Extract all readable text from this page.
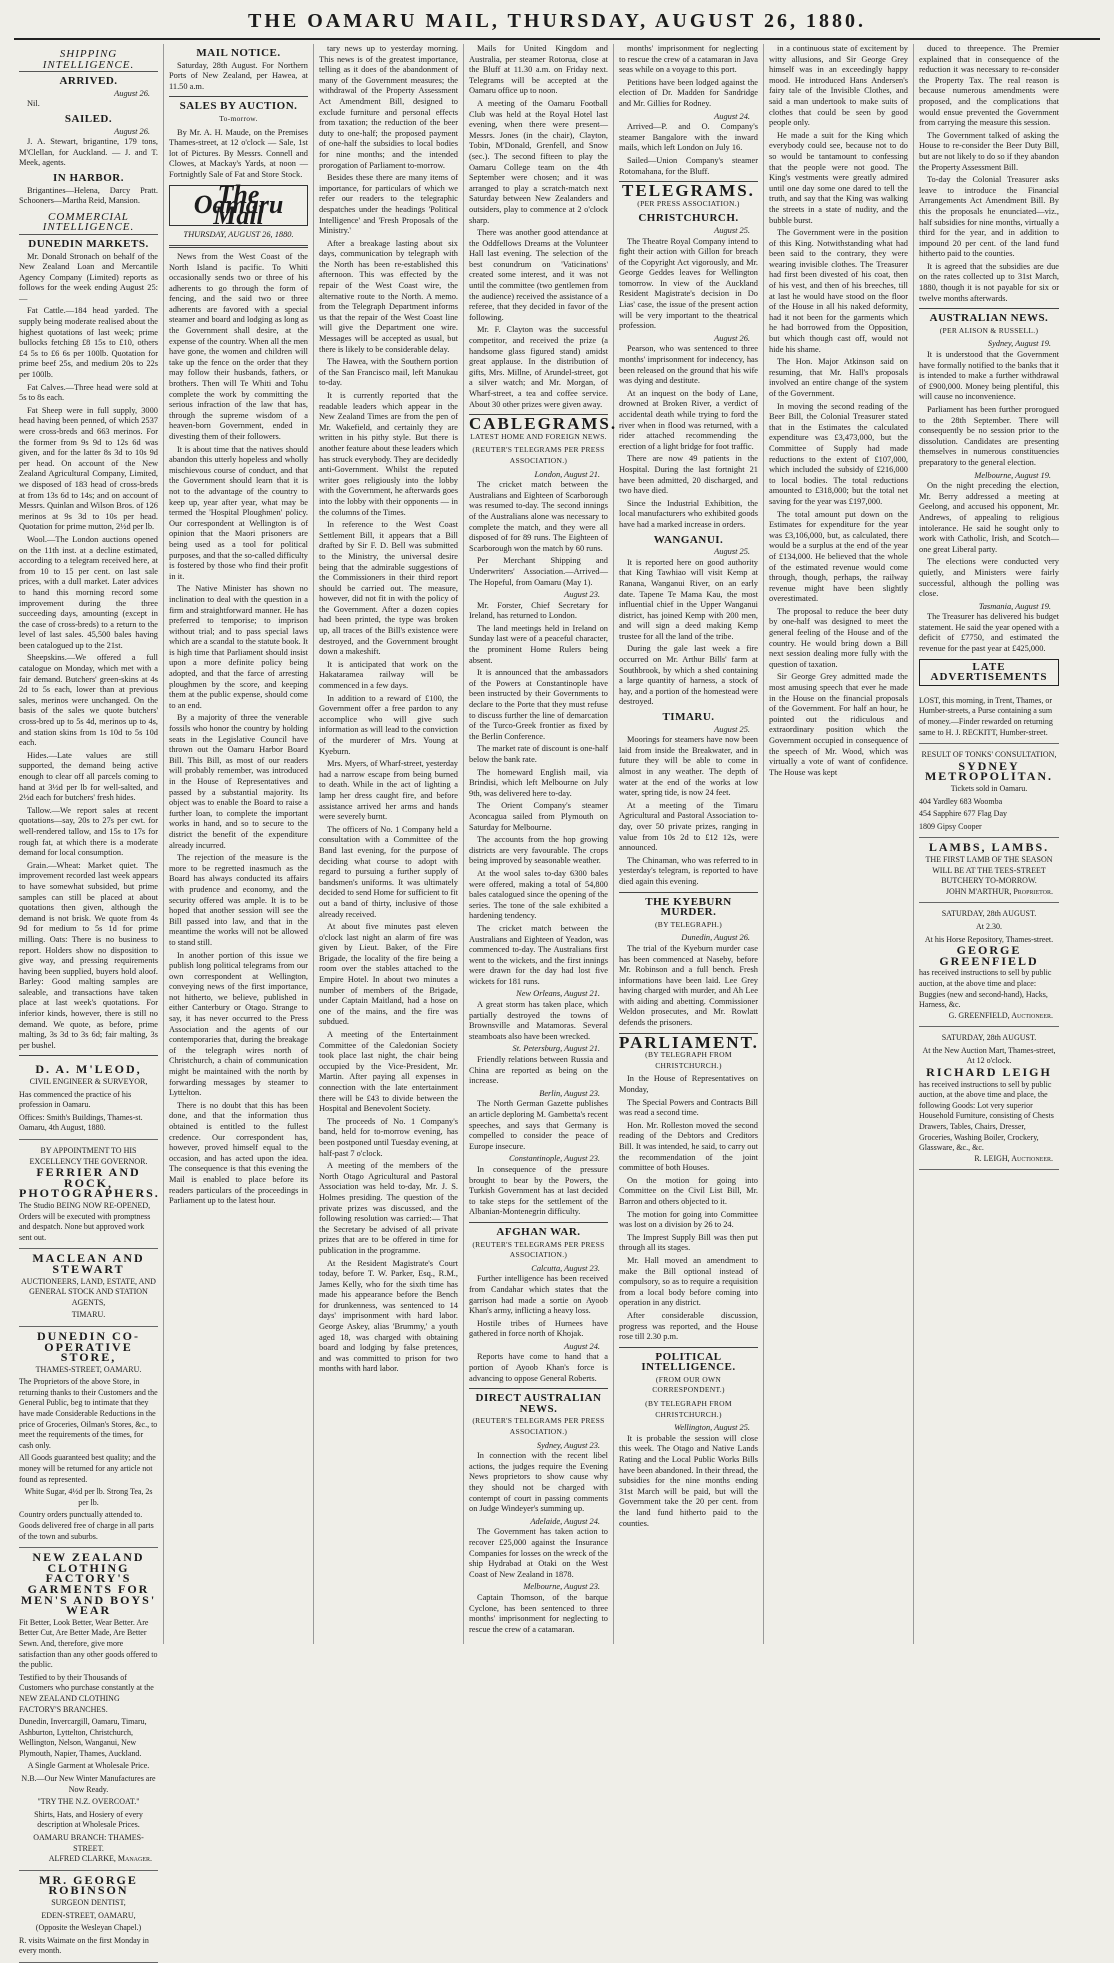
THE OAMARU MAIL, THURSDAY, AUGUST 26, 1880.
SHIPPING INTELLIGENCE.
ARRIVED.
August 26.

Nil.

SAILED.
August 26.

J. A. Stewart, brigantine, 179 tons, M'Clellan, for Auckland. — J. and T. Meek, agents.

IN HARBOR.

Brigantines—Helena, Darcy Pratt. Schooners—Martha Reid, Mansion.

COMMERCIAL INTELLIGENCE.
DUNEDIN MARKETS.

Mr. Donald Stronach on behalf of the New Zealand Loan and Mercantile Agency Company (Limited) reports as follows for the week ending August 25:—

Fat Cattle.—184 head yarded. The supply being moderate realised about the highest quotations of last week; prime bullocks fetching £8 15s to £10, others £4 5s to £6 6s per 100lb. Quotation for prime beef 25s, and medium 20s to 22s per 100lb.

Fat Calves.—Three head were sold at 5s to 8s each.

Fat Sheep were in full supply, 3000 head having been penned, of which 2537 were cross-breds and 663 merinos. For the former from 9s 9d to 12s 6d was given, and for the latter 8s 3d to 10s 9d per head. On account of the New Zealand Agricultural Company, Limited, we disposed of 183 head of cross-breds at from 13s 6d to 14s; and on account of Messrs. Quinlan and Wilson Bros. of 126 merinos at 9s 3d to 10s per head. Quotation for prime mutton, 2½d per lb.

Wool.—The London auctions opened on the 11th inst. at a decline estimated, according to a telegram received here, at from 10 to 15 per cent. on last sale prices, with a dull market. Later advices to hand this morning record some improvement during the three succeeding days, amounting (except in the case of cross-breds) to a return to the level of last sales. 45,500 bales having been catalogued up to the 21st.

Sheepskins.—We offered a full catalogue on Monday, which met with a fair demand. Butchers' green-skins at 4s 2d to 5s each, lower than at previous sales, merinos were unchanged. On the basis of the sales we quote butchers' cross-bred up to 5s 4d, merinos up to 4s, and station skins from 1s 10d to 5s 10d each.

Hides.—Late values are still supported, the demand being active enough to clear off all parcels coming to hand at 3½d per lb for well-salted, and 2½d each for butchers' fresh hides.

Tallow.—We report sales at recent quotations—say, 20s to 27s per cwt. for well-rendered tallow, and 15s to 17s for rough fat, at which there is a moderate demand for local consumption.

Grain.—Wheat: Market quiet. The improvement recorded last week appears to have somewhat subsided, but prime samples can still be placed at about quotations then given, although the demand is not brisk. We quote from 4s 9d for medium to 5s 1d for prime milling. Oats: There is no business to report. Holders show no disposition to give way, and pressing requirements having been supplied, buyers hold aloof. Barley: Good malting samples are saleable, and transactions have taken place at last week's quotations. For inferior kinds, however, there is still no demand. We quote, as before, prime malting, 3s 3d to 3s 6d; fair malting, 3s per bushel.

D. A. M'LEOD,
CIVIL ENGINEER & SURVEYOR,
Has commenced the practice of his profession in Oamaru.
Offices: Smith's Buildings, Thames-st. Oamaru, 4th August, 1880.
BY APPOINTMENT TO HIS EXCELLENCY THE GOVERNOR.
FERRIER AND ROCK, PHOTOGRAPHERS.
The Studio BEING NOW RE-OPENED, Orders will be executed with promptness and despatch. None but approved work sent out.
MACLEAN AND STEWART
AUCTIONEERS, LAND, ESTATE, AND GENERAL STOCK AND STATION AGENTS,
TIMARU.
DUNEDIN CO-OPERATIVE STORE,
THAMES-STREET, OAMARU.
The Proprietors of the above Store, in returning thanks to their Customers and the General Public, beg to intimate that they have made Considerable Reductions in the price of Groceries, Oilman's Stores, &c., to meet the requirements of the times, for cash only.
All Goods guaranteed best quality; and the money will be returned for any article not found as represented.
White Sugar, 4½d per lb. Strong Tea, 2s per lb.
Country orders punctually attended to. Goods delivered free of charge in all parts of the town and suburbs.
NEW ZEALAND CLOTHING FACTORY'S GARMENTS FOR MEN'S AND BOYS' WEAR
Fit Better, Look Better, Wear Better. Are Better Cut, Are Better Made, Are Better Sewn. And, therefore, give more satisfaction than any other goods offered to the public.
Testified to by their Thousands of Customers who purchase constantly at the NEW ZEALAND CLOTHING FACTORY'S BRANCHES.
Dunedin, Invercargill, Oamaru, Timaru, Ashburton, Lyttelton, Christchurch, Wellington, Nelson, Wanganui, New Plymouth, Napier, Thames, Auckland.
A Single Garment at Wholesale Price.
N.B.—Our New Winter Manufactures are Now Ready.
"TRY THE N.Z. OVERCOAT."
Shirts, Hats, and Hosiery of every description at Wholesale Prices.
OAMARU BRANCH: THAMES-STREET.
ALFRED CLARKE, Manager.
MR. GEORGE ROBINSON
SURGEON DENTIST,
EDEN-STREET, OAMARU,
(Opposite the Wesleyan Chapel.)
R. visits Waimate on the first Monday in every month.
MAIL NOTICE.

Saturday, 28th August. For Northern Ports of New Zealand, per Hawea, at 11.50 a.m.

SALES BY AUCTION.
To-morrow.

By Mr. A. H. Maude, on the Premises Thames-street, at 12 o'clock — Sale, 1st lot of Pictures. By Messrs. Connell and Clowes, at Mackay's Yards, at noon — Fortnightly Sale of Fat and Store Stock.

The Oamaru Mail
THURSDAY, AUGUST 26, 1880.

News from the West Coast of the North Island is pacific. To Whiti occasionally sends two or three of his adherents to go through the form of fencing, and the said two or three adherents are favored with a special steamer and board and lodging as long as the Government shall desire, at the expense of the country. When all the men have gone, the women and children will take up the fence on the order that they may follow their husbands, fathers, or brothers. Then will Te Whiti and Tohu complete the work by committing the serious infraction of the law that has, through the supreme wisdom of a heaven-born Government, ended in divesting them of their followers.

It is about time that the natives should abandon this utterly hopeless and wholly mischievous course of conduct, and that the Government should learn that it is not to the advantage of the country to keep up, year after year, what may be termed the 'Hospital Ploughmen' policy. Our correspondent at Wellington is of opinion that the Maori prisoners are being used as a tool for political purposes, and that the so-called difficulty is fostered by those who find their profit in it.

The Native Minister has shown no inclination to deal with the question in a firm and straightforward manner. He has preferred to temporise; to imprison without trial; and to pass special laws which are a scandal to the statute book. It is high time that Parliament should insist upon a more definite policy being adopted, and that the farce of arresting ploughmen by the score, and keeping them at the public expense, should come to an end.

By a majority of three the venerable fossils who honor the country by holding seats in the Legislative Council have thrown out the Oamaru Harbor Board Bill. This Bill, as most of our readers will probably remember, was introduced in the House of Representatives and passed by a substantial majority. Its object was to enable the Board to raise a further loan, to complete the important works in hand, and so to secure to the district the benefit of the expenditure already incurred.

The rejection of the measure is the more to be regretted inasmuch as the Board has always conducted its affairs with prudence and economy, and the security offered was ample. It is to be hoped that another session will see the Bill passed into law, and that in the meantime the works will not be allowed to stand still.

In another portion of this issue we publish long political telegrams from our own correspondent at Wellington, conveying news of the first importance, not hitherto, we believe, published in either Canterbury or Otago. Strange to say, it has never occurred to the Press Association and the agents of our contemporaries that, during the breakage of the telegraph wires north of Christchurch, a chain of communication might be maintained with the north by forwarding messages by steamer to Lyttelton.

There is no doubt that this has been done, and that the information thus obtained is entitled to the fullest credence. Our correspondent has, however, proved himself equal to the occasion, and has acted upon the idea. The consequence is that this evening the Mail is enabled to place before its readers particulars of the proceedings in Parliament up to the latest hour.

tary news up to yesterday morning. This news is of the greatest importance, telling as it does of the abandonment of many of the Government measures; the withdrawal of the Property Assessment Act Amendment Bill, designed to exclude furniture and personal effects from taxation; the reduction of the beer duty to one-half; the proposed payment of one-half the subsidies to local bodies for nine months; and the intended prorogation of Parliament to-morrow.

Besides these there are many items of importance, for particulars of which we refer our readers to the telegraphic despatches under the headings 'Political Intelligence' and 'Fresh Proposals of the Ministry.'

After a breakage lasting about six days, communication by telegraph with the North has been re-established this afternoon. This was effected by the repair of the West Coast wire, the alternative route to the North. A memo. from the Telegraph Department informs us that the repair of the West Coast line will give the Department one wire. Messages will be accepted as usual, but there is likely to be considerable delay.

The Hawea, with the Southern portion of the San Francisco mail, left Manukau to-day.

It is currently reported that the readable leaders which appear in the New Zealand Times are from the pen of Mr. Wakefield, and certainly they are written in his pithy style. But there is another feature about these leaders which has struck everybody. They are decidedly anti-Government. Whilst the reputed writer goes religiously into the lobby with the Government, he afterwards goes into the lobby with their opponents — in the columns of the Times.

In reference to the West Coast Settlement Bill, it appears that a Bill drafted by Sir F. D. Bell was submitted to the Ministry, the universal desire being that the admirable suggestions of the Commissioners in their third report should be carried out. The measure, however, did not fit in with the policy of the Government. After a dozen copies had been printed, the type was broken up, all traces of the Bill's existence were destroyed, and the Government brought down a makeshift.

It is anticipated that work on the Hakataramea railway will be commenced in a few days.

In addition to a reward of £100, the Government offer a free pardon to any accomplice who will give such information as will lead to the conviction of the murderer of Mrs. Young at Kyeburn.

Mrs. Myers, of Wharf-street, yesterday had a narrow escape from being burned to death. While in the act of lighting a lamp her dress caught fire, and before assistance arrived her arms and hands were severely burnt.

The officers of No. 1 Company held a consultation with a Committee of the Band last evening, for the purpose of deciding what course to adopt with regard to pursuing a further supply of bandsmen's uniforms. It was ultimately decided to send Home for sufficient to fit out a band of thirty, inclusive of those already received.

At about five minutes past eleven o'clock last night an alarm of fire was given by Lieut. Baker, of the Fire Brigade, the locality of the fire being a room over the stables attached to the Empire Hotel. In about two minutes a number of members of the Brigade, under Captain Maitland, had a hose on one of the mains, and the fire was subdued.

A meeting of the Entertainment Committee of the Caledonian Society took place last night, the chair being occupied by the Vice-President, Mr. Martin. After paying all expenses in connection with the late entertainment there will be £43 to divide between the Hospital and Benevolent Society.

The proceeds of No. 1 Company's band, held for to-morrow evening, has been postponed until Tuesday evening, at half-past 7 o'clock.

A meeting of the members of the North Otago Agricultural and Pastoral Association was held to-day, Mr. J. S. Holmes presiding. The question of the private prizes was discussed, and the following resolution was carried:— That the Secretary be advised of all private prizes that are to be offered in time for publication in the programme.

At the Resident Magistrate's Court today, before T. W. Parker, Esq., R.M., James Kelly, who for the sixth time has made his appearance before the Bench for drunkenness, was sentenced to 14 days' imprisonment with hard labor. George Askey, alias 'Brummy,' a youth aged 18, was charged with obtaining board and lodging by false pretences, and was committed to prison for two months with hard labor.

Mails for United Kingdom and Australia, per steamer Rotorua, close at the Bluff at 11.30 a.m. on Friday next. Telegrams will be accepted at the Oamaru office up to noon.

A meeting of the Oamaru Football Club was held at the Royal Hotel last evening, when there were present—Messrs. Jones (in the chair), Clayton, Tobin, M'Donald, Grenfell, and Snow (sec.). The second fifteen to play the Oamaru College team on the 4th September were chosen; and it was arranged to play a scratch-match next Saturday between New Zealanders and outsiders, play to commence at 2 o'clock sharp.

There was another good attendance at the Oddfellows Dreams at the Volunteer Hall last evening. The selection of the best conundrum on 'Vaticinations' created some interest, and it was not until the committee (two gentlemen from the audience) received the assistance of a referee, that they decided in favor of the following.

Mr. F. Clayton was the successful competitor, and received the prize (a handsome glass figured stand) amidst great applause. In the distribution of gifts, Mrs. Millne, of Arundel-street, got a silver watch; and Mr. Morgan, of Wharf-street, a tea and coffee service. About 30 other prizes were given away.

CABLEGRAMS.
LATEST HOME AND FOREIGN NEWS.
(REUTER'S TELEGRAMS PER PRESS ASSOCIATION.)
London, August 21.

The cricket match between the Australians and Eighteen of Scarborough was resumed to-day. The second innings of the Australians alone was necessary to complete the match, and they were all disposed of for 89 runs. The Eighteen of Scarborough won the match by 60 runs.

Per Merchant Shipping and Underwriters' Association.—Arrived—The Hopeful, from Oamaru (May 1).

August 23.

Mr. Forster, Chief Secretary for Ireland, has returned to London.

The land meetings held in Ireland on Sunday last were of a peaceful character, the prominent Home Rulers being absent.

It is announced that the ambassadors of the Powers at Constantinople have been instructed by their Governments to declare to the Porte that they must refuse to discuss further the line of demarcation of the Turco-Greek frontier as fixed by the Berlin Conference.

The market rate of discount is one-half below the bank rate.

The homeward English mail, via Brindisi, which left Melbourne on July 9th, was delivered here to-day.

The Orient Company's steamer Aconcagua sailed from Plymouth on Saturday for Melbourne.

The accounts from the hop growing districts are very favourable. The crops being improved by seasonable weather.

At the wool sales to-day 6300 bales were offered, making a total of 54,800 bales catalogued since the opening of the series. The tone of the sale exhibited a hardening tendency.

The cricket match between the Australians and Eighteen of Yeadon, was commenced to-day. The Australians first went to the wickets, and the first innings were drawn for the day had lost five wickets for 181 runs.

New Orleans, August 21.

A great storm has taken place, which partially destroyed the towns of Brownsville and Matamoras. Several steamboats also have been wrecked.

St. Petersburg, August 21.

Friendly relations between Russia and China are reported as being on the increase.

Berlin, August 23.

The North German Gazette publishes an article deploring M. Gambetta's recent speeches, and says that Germany is compelled to consider the peace of Europe insecure.

Constantinople, August 23.

In consequence of the pressure brought to bear by the Powers, the Turkish Government has at last decided to take steps for the settlement of the Albanian-Montenegrin difficulty.

AFGHAN WAR.
(REUTER'S TELEGRAMS PER PRESS ASSOCIATION.)
Calcutta, August 23.

Further intelligence has been received from Candahar which states that the garrison had made a sortie on Ayoob Khan's army, inflicting a heavy loss.

Hostile tribes of Hurnees have gathered in force north of Khojak.

August 24.

Reports have come to hand that a portion of Ayoob Khan's force is advancing to oppose General Roberts.

DIRECT AUSTRALIAN NEWS.
(REUTER'S TELEGRAMS PER PRESS ASSOCIATION.)
Sydney, August 23.

In connection with the recent libel actions, the judges require the Evening News proprietors to show cause why they should not be charged with contempt of court in passing comments on Judge Windeyer's summing up.

Adelaide, August 24.

The Government has taken action to recover £25,000 against the Insurance Companies for losses on the wreck of the ship Hydrabad at Otaki on the West Coast of New Zealand in 1878.

Melbourne, August 23.

Captain Thomson, of the barque Cyclone, has been sentenced to three months' imprisonment for neglecting to rescue the crew of a catamaran.

months' imprisonment for neglecting to rescue the crew of a catamaran in Java seas while on a voyage to this port.

Petitions have been lodged against the election of Dr. Madden for Sandridge and Mr. Gillies for Rodney.

August 24.

Arrived—P. and O. Company's steamer Bangalore with the inward mails, which left London on July 16.

Sailed—Union Company's steamer Rotomahana, for the Bluff.

TELEGRAMS.
(PER PRESS ASSOCIATION.)
CHRISTCHURCH.
August 25.

The Theatre Royal Company intend to fight their action with Gillon for breach of the Copyright Act vigorously, and Mr. George Geddes leaves for Wellington tomorrow. In view of the Auckland Resident Magistrate's decision in Do Lias' case, the issue of the present action will be very important to the theatrical profession.

August 26.

Pearson, who was sentenced to three months' imprisonment for indecency, has been released on the ground that his wife was dying and destitute.

At an inquest on the body of Lane, drowned at Broken River, a verdict of accidental death while trying to ford the river when in flood was returned, with a rider attached recommending the erection of a light bridge for foot traffic.

There are now 49 patients in the Hospital. During the last fortnight 21 have been admitted, 20 discharged, and two have died.

Since the Industrial Exhibition, the local manufacturers who exhibited goods have had a marked increase in orders.

WANGANUI.
August 25.

It is reported here on good authority that King Tawhiao will visit Kemp at Ranana, Wanganui River, on an early date. Tapene Te Mama Kau, the most influential chief in the Upper Wanganui district, has joined Kemp with 200 men, and will sign a deed making Kemp trustee for all the land of the tribe.

During the gale last week a fire occurred on Mr. Arthur Bills' farm at Southbrook, by which a shed containing a large quantity of harness, a stock of hay, and a portion of the homestead were destroyed.

TIMARU.
August 25.

Moorings for steamers have now been laid from inside the Breakwater, and in future they will be able to come in almost in any weather. The depth of water at the end of the works at low water, spring tide, is now 24 feet.

At a meeting of the Timaru Agricultural and Pastoral Association to-day, over 50 private prizes, ranging in value from 10s 2d to £12 12s, were announced.

The Chinaman, who was referred to in yesterday's telegram, is reported to have died again this evening.

THE KYEBURN MURDER.
(BY TELEGRAPH.)
Dunedin, August 26.

The trial of the Kyeburn murder case has been commenced at Naseby, before Mr. Robinson and a full bench. Fresh informations have been laid. Lee Grey having charged with murder, and Ah Lee with aiding and abetting. Commissioner Weldon prosecutes, and Mr. Rowlatt defends the prisoners.

PARLIAMENT.
(BY TELEGRAPH FROM CHRISTCHURCH.)

In the House of Representatives on Monday,

The Special Powers and Contracts Bill was read a second time.

Hon. Mr. Rolleston moved the second reading of the Debtors and Creditors Bill. It was intended, he said, to carry out the recommendation of the joint committee of both Houses.

On the motion for going into Committee on the Civil List Bill, Mr. Barron and others objected to it.

The motion for going into Committee was lost on a division by 26 to 24.

The Imprest Supply Bill was then put through all its stages.

Mr. Hall moved an amendment to make the Bill optional instead of compulsory, so as to require a requisition from a local body before coming into operation in any district.

After considerable discussion, progress was reported, and the House rose till 2.30 p.m.

POLITICAL INTELLIGENCE.
(FROM OUR OWN CORRESPONDENT.)
(BY TELEGRAPH FROM CHRISTCHURCH.)
Wellington, August 25.

It is probable the session will close this week. The Otago and Native Lands Rating and the Local Public Works Bills have been abandoned. In their thread, the subsidies for the nine months ending 31st March will be paid, but will the Government take the 20 per cent. from the land fund hitherto paid to the counties.

in a continuous state of excitement by witty allusions, and Sir George Grey himself was in an exceedingly happy mood. He introduced Hans Andersen's fairy tale of the Invisible Clothes, and said a man undertook to make suits of clothes that could be seen by good people only.

He made a suit for the King which everybody could see, because not to do so would be tantamount to confessing that the people were not good. The King's vestments were greatly admired until one day some one dared to tell the truth, and say that the King was walking the streets in a state of nudity, and the bubble burst.

The Government were in the position of this King. Notwithstanding what had been said to the contrary, they were wearing invisible clothes. The Treasurer had first been divested of his coat, then of his vest, and then of his breeches, till at last he would have stood on the floor of the House in all his naked deformity, had it not been for the garments which he had borrowed from the Opposition, but which though cast off, would not hide his shame.

The Hon. Major Atkinson said on resuming, that Mr. Hall's proposals involved an entire change of the system of the Government.

In moving the second reading of the Beer Bill, the Colonial Treasurer stated that in the Estimates the calculated expenditure was £3,473,000, but the Committee of Supply had made reductions to the extent of £107,000, which included the subsidy of £216,000 to local bodies. The total reductions amounted to £318,000; but the total net saving for the year was £197,000.

The total amount put down on the Estimates for expenditure for the year was £3,106,000, but, as calculated, there would be a surplus at the end of the year of £134,000. He believed that the whole of the estimated revenue would come through, though, perhaps, the railway revenue might have been slightly overestimated.

The proposal to reduce the beer duty by one-half was designed to meet the general feeling of the House and of the country. He would bring down a Bill next session dealing more fully with the question of taxation.

Sir George Grey admitted made the most amusing speech that ever he made in the House on the financial proposals of the Government. For half an hour, he pointed out the ridiculous and extraordinary position which the Government occupied in consequence of the speech of Mr. Wood, which was virtually a vote of want of confidence. The House was kept

duced to threepence. The Premier explained that in consequence of the reduction it was necessary to re-consider the Property Tax. The real reason is because numerous amendments were proposed, and the complications that would ensue prevented the Government from carrying the measure this session.

The Government talked of asking the House to re-consider the Beer Duty Bill, but are not likely to do so if they abandon the Property Assessment Bill.

To-day the Colonial Treasurer asks leave to introduce the Financial Arrangements Act Amendment Bill. By this the proposals he enunciated—viz., half subsidies for nine months, virtually a third for the year, and in addition to impound 20 per cent. of the land fund hitherto paid to the counties.

It is agreed that the subsidies are due on the rates collected up to 31st March, 1880, though it is not payable for six or twelve months afterwards.

AUSTRALIAN NEWS.
(PER ALISON & RUSSELL.)
Sydney, August 19.

It is understood that the Government have formally notified to the banks that it is intended to make a further withdrawal of £900,000. Money being plentiful, this will cause no inconvenience.

Parliament has been further prorogued to the 28th September. There will consequently be no session prior to the dissolution. Candidates are presenting themselves in numerous constituencies preparatory to the general election.

Melbourne, August 19.

On the night preceding the election, Mr. Berry addressed a meeting at Geelong, and accused his opponent, Mr. Andrews, of appealing to religious intolerance. He said he sought only to work with Catholic, Irish, and Scotch—one great Liberal party.

The elections were conducted very quietly, and Ministers were fairly successful, although the polling was close.

Tasmania, August 19.

The Treasurer has delivered his budget statement. He said the year opened with a deficit of £7750, and estimated the revenue for the past year at £425,000.

LATE ADVERTISEMENTS
LOST, this morning, in Trent, Thames, or Humber-streets, a Purse containing a sum of money.—Finder rewarded on returning same to H. J. RECKITT, Humber-street.
RESULT OF TONKS' CONSULTATION,
SYDNEY METROPOLITAN.
Tickets sold in Oamaru.
404 Yardley 683 Woomba
454 Sapphire 677 Flag Day
1809 Gipsy Cooper
LAMBS, LAMBS.
THE FIRST LAMB OF THE SEASON WILL BE AT THE TEES-STREET BUTCHERY TO-MORROW.
JOHN M'ARTHUR, Proprietor.
SATURDAY, 28th AUGUST.
At 2.30.
At his Horse Repository, Thames-street.
GEORGE GREENFIELD
has received instructions to sell by public auction, at the above time and place: Buggies (new and second-hand), Hacks, Harness, &c.
G. GREENFIELD, Auctioneer.
SATURDAY, 28th AUGUST.
At the New Auction Mart, Thames-street, At 12 o'clock.
RICHARD LEIGH
has received instructions to sell by public auction, at the above time and place, the following Goods: Lot very superior Household Furniture, consisting of Chests Drawers, Tables, Chairs, Dresser, Groceries, Washing Boiler, Crockery, Glassware, &c., &c.
R. LEIGH, Auctioneer.
